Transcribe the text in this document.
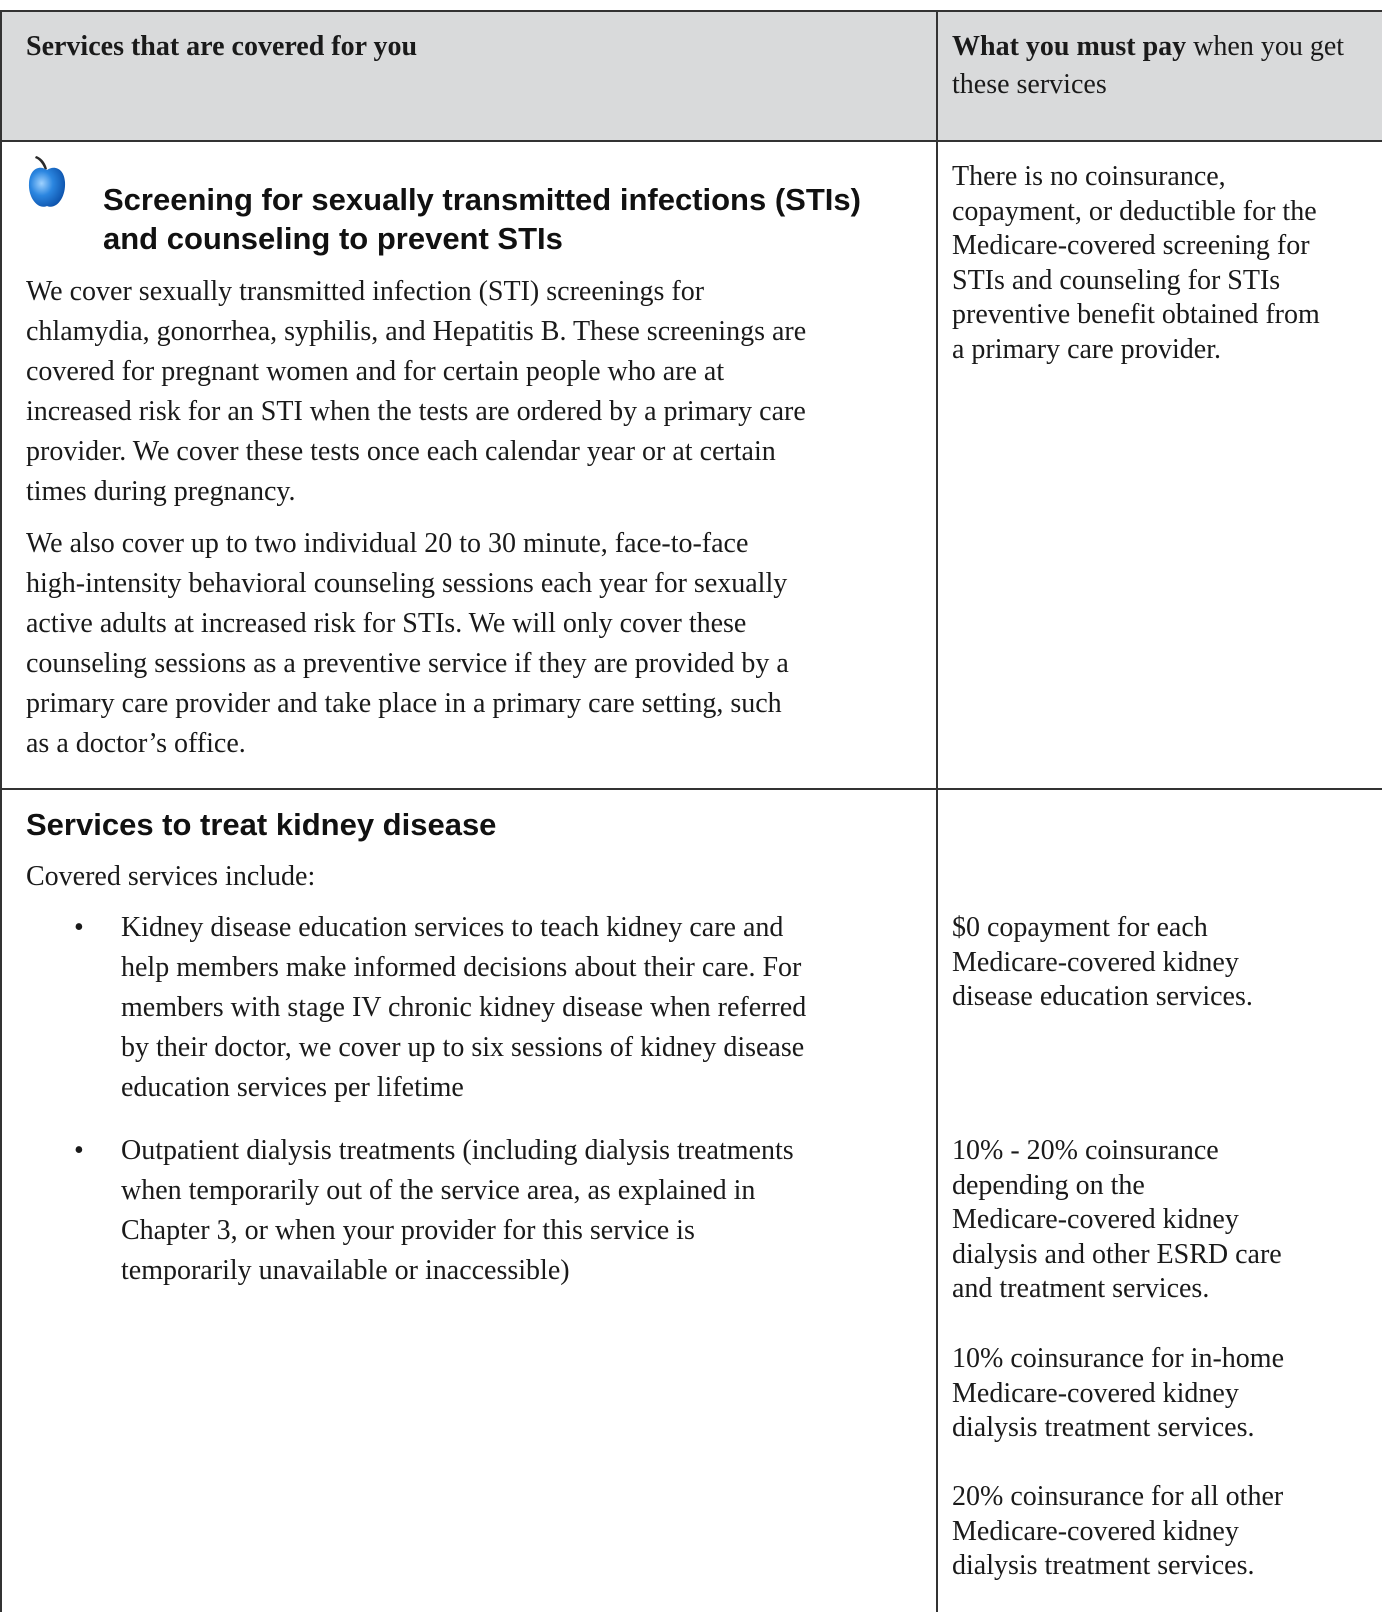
Services that are covered for you	What you must pay when you get these services
Screening for sexually transmitted infections (STIs)
and counseling to prevent STIs
We cover sexually transmitted infection (STI) screenings for
chlamydia, gonorrhea, syphilis, and Hepatitis B. These screenings are
covered for pregnant women and for certain people who are at
increased risk for an STI when the tests are ordered by a primary care
provider. We cover these tests once each calendar year or at certain
times during pregnancy.
We also cover up to two individual 20 to 30 minute, face-to-face
high-intensity behavioral counseling sessions each year for sexually
active adults at increased risk for STIs. We will only cover these
counseling sessions as a preventive service if they are provided by a
primary care provider and take place in a primary care setting, such
as a doctor’s office.
There is no coinsurance,
copayment, or deductible for the
Medicare-covered screening for
STIs and counseling for STIs
preventive benefit obtained from
a primary care provider.
Services to treat kidney disease
Covered services include:
• Kidney disease education services to teach kidney care and
help members make informed decisions about their care. For
members with stage IV chronic kidney disease when referred
by their doctor, we cover up to six sessions of kidney disease
education services per lifetime
• Outpatient dialysis treatments (including dialysis treatments
when temporarily out of the service area, as explained in
Chapter 3, or when your provider for this service is
temporarily unavailable or inaccessible)
$0 copayment for each
Medicare-covered kidney
disease education services.
10% - 20% coinsurance
depending on the
Medicare-covered kidney
dialysis and other ESRD care
and treatment services.
10% coinsurance for in-home
Medicare-covered kidney
dialysis treatment services.
20% coinsurance for all other
Medicare-covered kidney
dialysis treatment services.
